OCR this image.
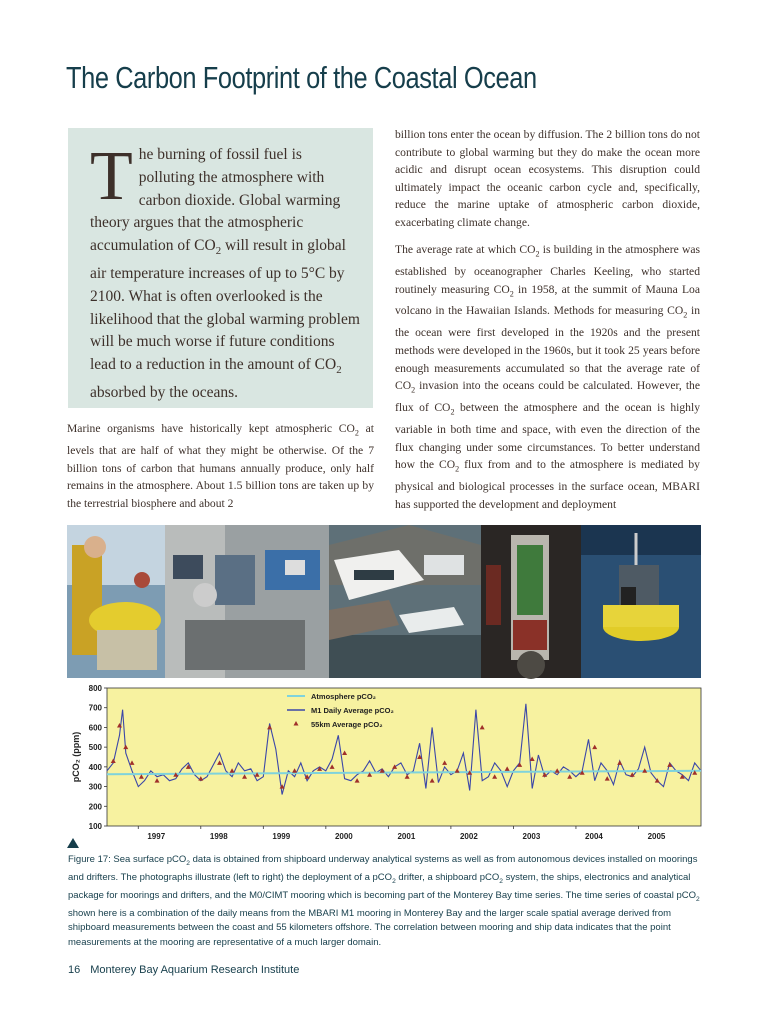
The Carbon Footprint of the Coastal Ocean

The burning of fossil fuel is polluting the atmosphere with carbon dioxide. Global warming theory argues that the atmospheric accumulation of $CO_2$ will result in global air temperature increases of up to 5°C by 2100. What is often overlooked is the likelihood that the global warming problem will be much worse if future conditions lead to a reduction in the amount of $CO_2$ absorbed by the oceans.

Marine organisms have historically kept atmospheric $CO_2$ at levels that are half of what they might be otherwise. Of the 7 billion tons of carbon that humans annually produce, only half remains in the atmosphere. About 1.5 billion tons are taken up by the terrestrial biosphere and about 2

billion tons enter the ocean by diffusion. The 2 billion tons do not contribute to global warming but they do make the ocean more acidic and disrupt ocean ecosystems. This disruption could ultimately impact the oceanic carbon cycle and, specifically, reduce the marine uptake of atmospheric carbon dioxide, exacerbating climate change.

The average rate at which $CO_2$ is building in the atmosphere was established by oceanographer Charles Keeling, who started routinely measuring $CO_2$ in 1958, at the summit of Mauna Loa volcano in the Hawaiian Islands. Methods for measuring $CO_2$ in the ocean were first developed in the 1920s and the present methods were developed in the 1960s, but it took 25 years before enough measurements accumulated so that the average rate of $CO_2$ invasion into the oceans could be calculated. However, the flux of $CO_2$ between the atmosphere and the ocean is highly variable in both time and space, with even the direction of the flux changing under some circumstances. To better understand how the $CO_2$ flux from and to the atmosphere is mediated by physical and biological processes in the surface ocean, MBARI has supported the development and deployment

100
200
300
400
500
600
700
800
1997	1998	1999	2000	2001	2002	2003	2004	2005
pCO₂ (ppm)
Atmosphere pCO₂
M1 Daily Average pCO₂
55km Average pCO₂

Figure 17: Sea surface pCO$_2$ data is obtained from shipboard underway analytical systems as well as from autonomous devices installed on moorings and drifters. The photographs illustrate (left to right) the deployment of a pCO$_2$ drifter, a shipboard pCO$_2$ system, the ships, electronics and analytical package for moorings and drifters, and the M0/CIMT mooring which is becoming part of the Monterey Bay time series. The time series of coastal pCO$_2$ shown here is a combination of the daily means from the MBARI M1 mooring in Monterey Bay and the larger scale spatial average derived from shipboard measurements between the coast and 55 kilometers offshore. The correlation between mooring and ship data indicates that the point measurements at the mooring are representative of a much larger domain.

16 Monterey Bay Aquarium Research Institute
